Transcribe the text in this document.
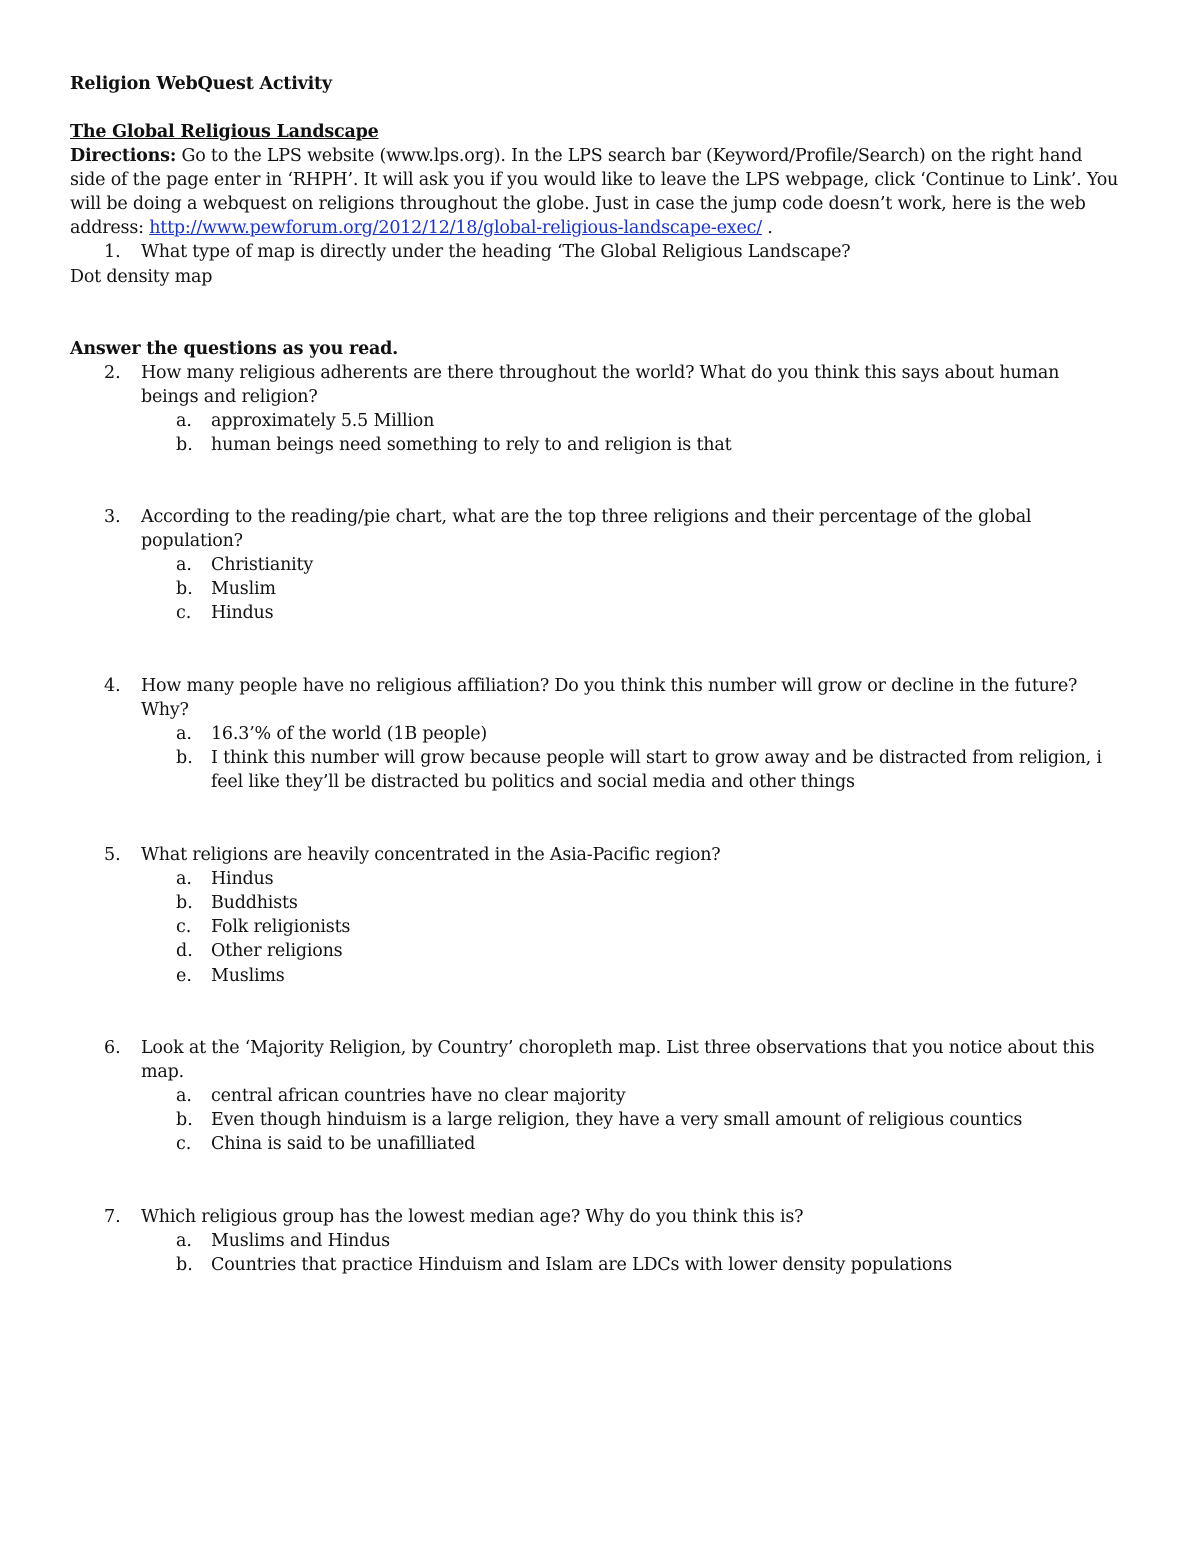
Religion WebQuest Activity
The Global Religious Landscape
Directions: Go to the LPS website (www.lps.org). In the LPS search bar (Keyword/Profile/Search) on the right hand
side of the page enter in ‘RHPH’. It will ask you if you would like to leave the LPS webpage, click ‘Continue to Link’. You
will be doing a webquest on religions throughout the globe. Just in case the jump code doesn’t work, here is the web
address: http://www.pewforum.org/2012/12/18/global-religious-landscape-exec/ .
1. What type of map is directly under the heading ‘The Global Religious Landscape?
Dot density map
Answer the questions as you read.
2. How many religious adherents are there throughout the world? What do you think this says about human
beings and religion?
a. approximately 5.5 Million
b. human beings need something to rely to and religion is that
3. According to the reading/pie chart, what are the top three religions and their percentage of the global
population?
a. Christianity
b. Muslim
c. Hindus
4. How many people have no religious affiliation? Do you think this number will grow or decline in the future?
Why?
a. 16.3’% of the world (1B people)
b. I think this number will grow because people will start to grow away and be distracted from religion, i
feel like they’ll be distracted bu politics and social media and other things
5. What religions are heavily concentrated in the Asia-Pacific region?
a. Hindus
b. Buddhists
c. Folk religionists
d. Other religions
e. Muslims
6. Look at the ‘Majority Religion, by Country’ choropleth map. List three observations that you notice about this
map.
a. central african countries have no clear majority
b. Even though hinduism is a large religion, they have a very small amount of religious countics
c. China is said to be unafilliated
7. Which religious group has the lowest median age? Why do you think this is?
a. Muslims and Hindus
b. Countries that practice Hinduism and Islam are LDCs with lower density populations
